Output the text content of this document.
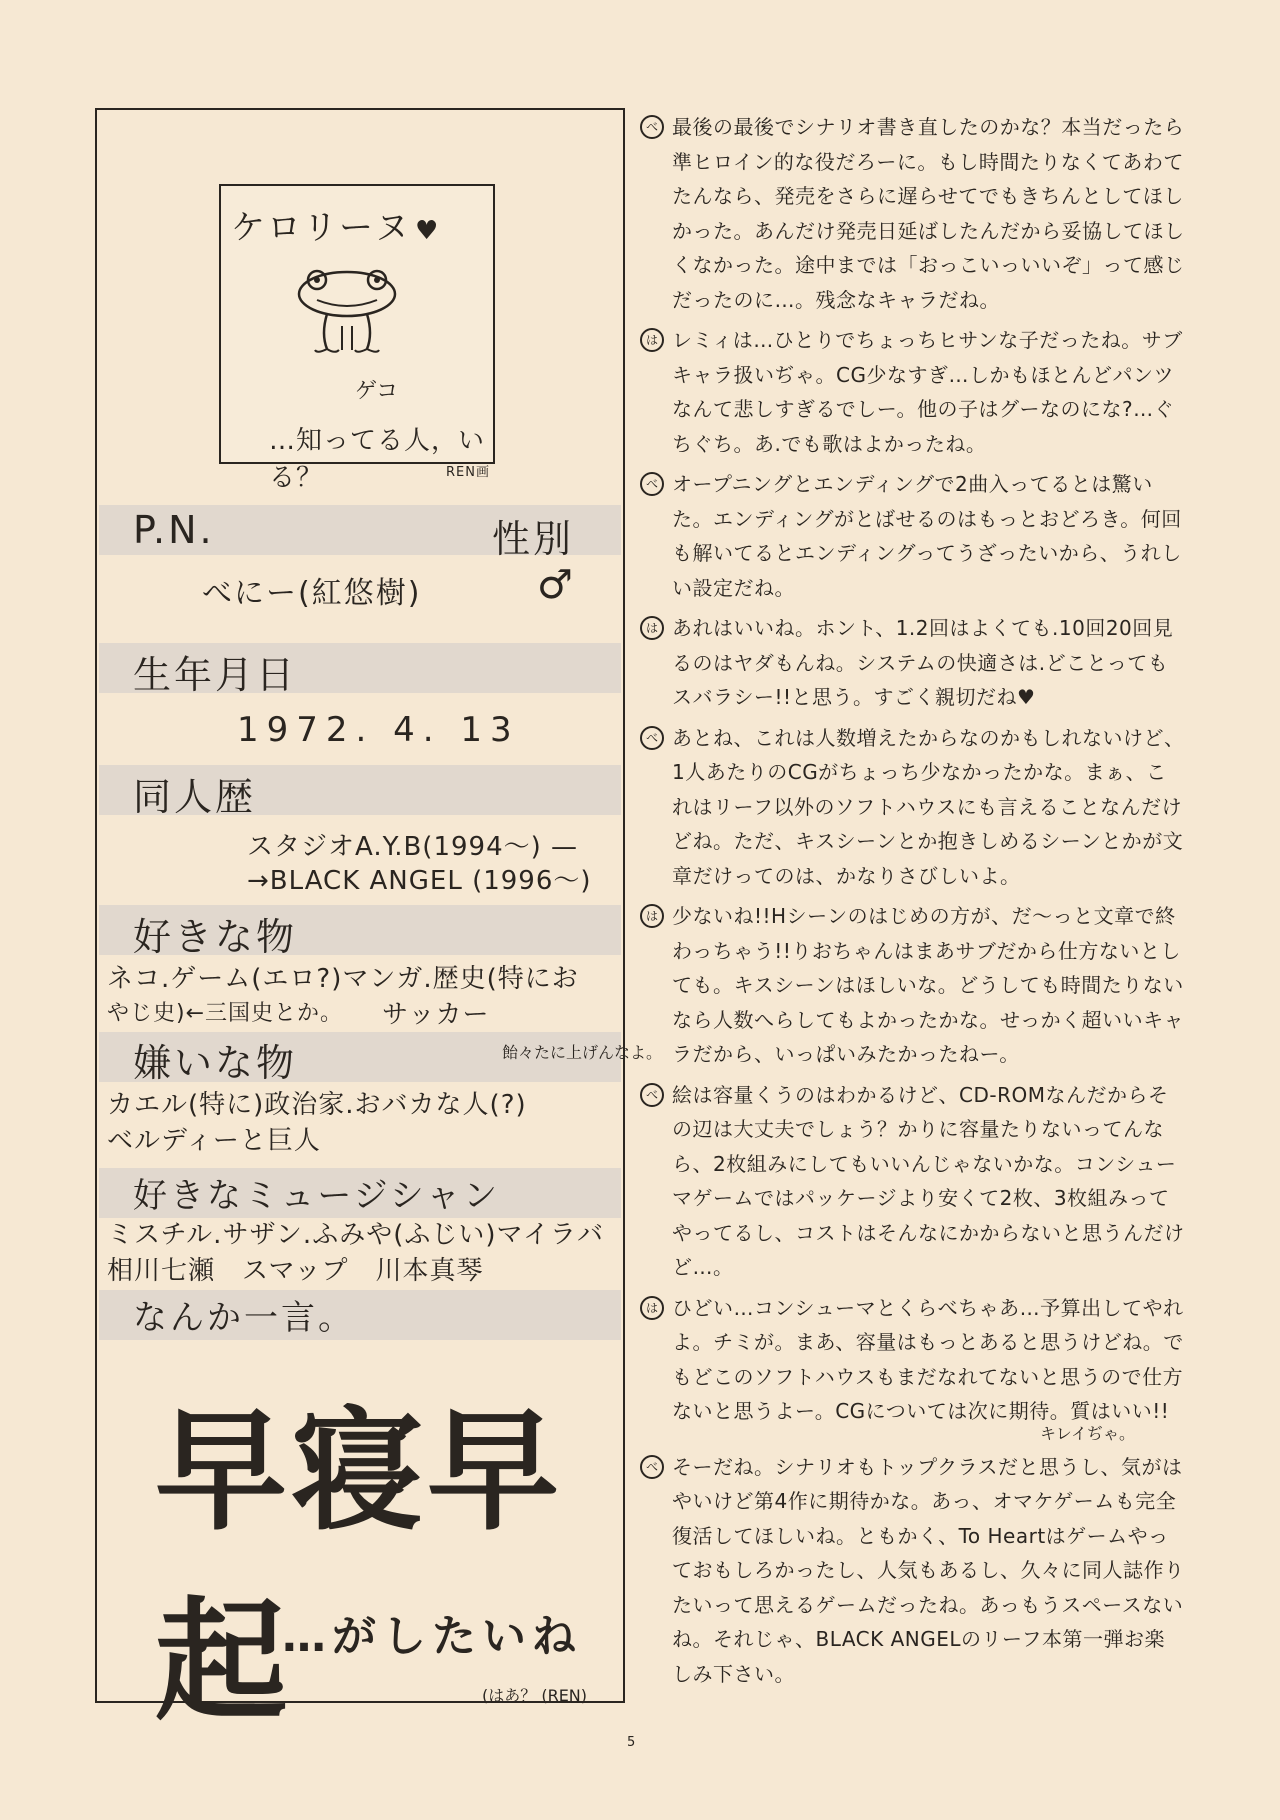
ケロリーヌ ♥
ゲコ
…知ってる人，いる？	REN画
P.N.	性別
べにー(紅悠樹)	♂
生年月日
1972. 4. 13
同人歴
スタジオA.Y.B(1994～) —
→BLACK ANGEL (1996～)
好きな物
ネコ.ゲーム(エロ?)マンガ.歴史(特にお
やじ史)←三国史とか。 サッカー
嫌いな物	飴々たに上げんなよ。
カエル(特に)政治家.おバカな人(?)
ベルディーと巨人
好きなミュージシャン
ミスチル.サザン.ふみや(ふじい)マイラバ
相川七瀬　スマップ　川本真琴
なんか一言。
早寝早起
…がしたいね
(はあ？ (REN)
べ 最後の最後でシナリオ書き直したのかな？本当だったら準ヒロイン的な役だろーに。もし時間たりなくてあわてたんなら、発売をさらに遅らせてでもきちんとしてほしかった。あんだけ発売日延ばしたんだから妥協してほしくなかった。途中までは「おっこいっいいぞ」って感じだったのに…。残念なキャラだね。
は レミィは…ひとりでちょっちヒサンな子だったね。サブキャラ扱いぢゃ。CG少なすぎ…しかもほとんどパンツなんて悲しすぎるでしー。他の子はグーなのにな?…ぐちぐち。あ.でも歌はよかったね。
べ オープニングとエンディングで2曲入ってるとは驚いた。エンディングがとばせるのはもっとおどろき。何回も解いてるとエンディングってうざったいから、うれしい設定だね。
は あれはいいね。ホント、1.2回はよくても.10回20回見るのはヤダもんね。システムの快適さは.どことってもスバラシー!!と思う。すごく親切だね♥
べ あとね、これは人数増えたからなのかもしれないけど、1人あたりのCGがちょっち少なかったかな。まぁ、これはリーフ以外のソフトハウスにも言えることなんだけどね。ただ、キスシーンとか抱きしめるシーンとかが文章だけってのは、かなりさびしいよ。
は 少ないね!!Hシーンのはじめの方が、だ～っと文章で終わっちゃう!!りおちゃんはまあサブだから仕方ないとしても。キスシーンはほしいな。どうしても時間たりないなら人数へらしてもよかったかな。せっかく超いいキャラだから、いっぱいみたかったねー。
べ 絵は容量くうのはわかるけど、CD-ROMなんだからその辺は大丈夫でしょう？かりに容量たりないってんなら、2枚組みにしてもいいんじゃないかな。コンシューマゲームではパッケージより安くて2枚、3枚組みってやってるし、コストはそんなにかからないと思うんだけど…。
は ひどい…コンシューマとくらべちゃあ…予算出してやれよ。チミが。まあ、容量はもっとあると思うけどね。でもどこのソフトハウスもまだなれてないと思うので仕方ないと思うよー。CGについては次に期待。質はいい!!
キレイぢゃ。
べ そーだね。シナリオもトップクラスだと思うし、気がはやいけど第4作に期待かな。あっ、オマケゲームも完全復活してほしいね。ともかく、To Heartはゲームやっておもしろかったし、人気もあるし、久々に同人誌作りたいって思えるゲームだったね。あっもうスペースないね。それじゃ、BLACK ANGELのリーフ本第一弾お楽しみ下さい。
5
